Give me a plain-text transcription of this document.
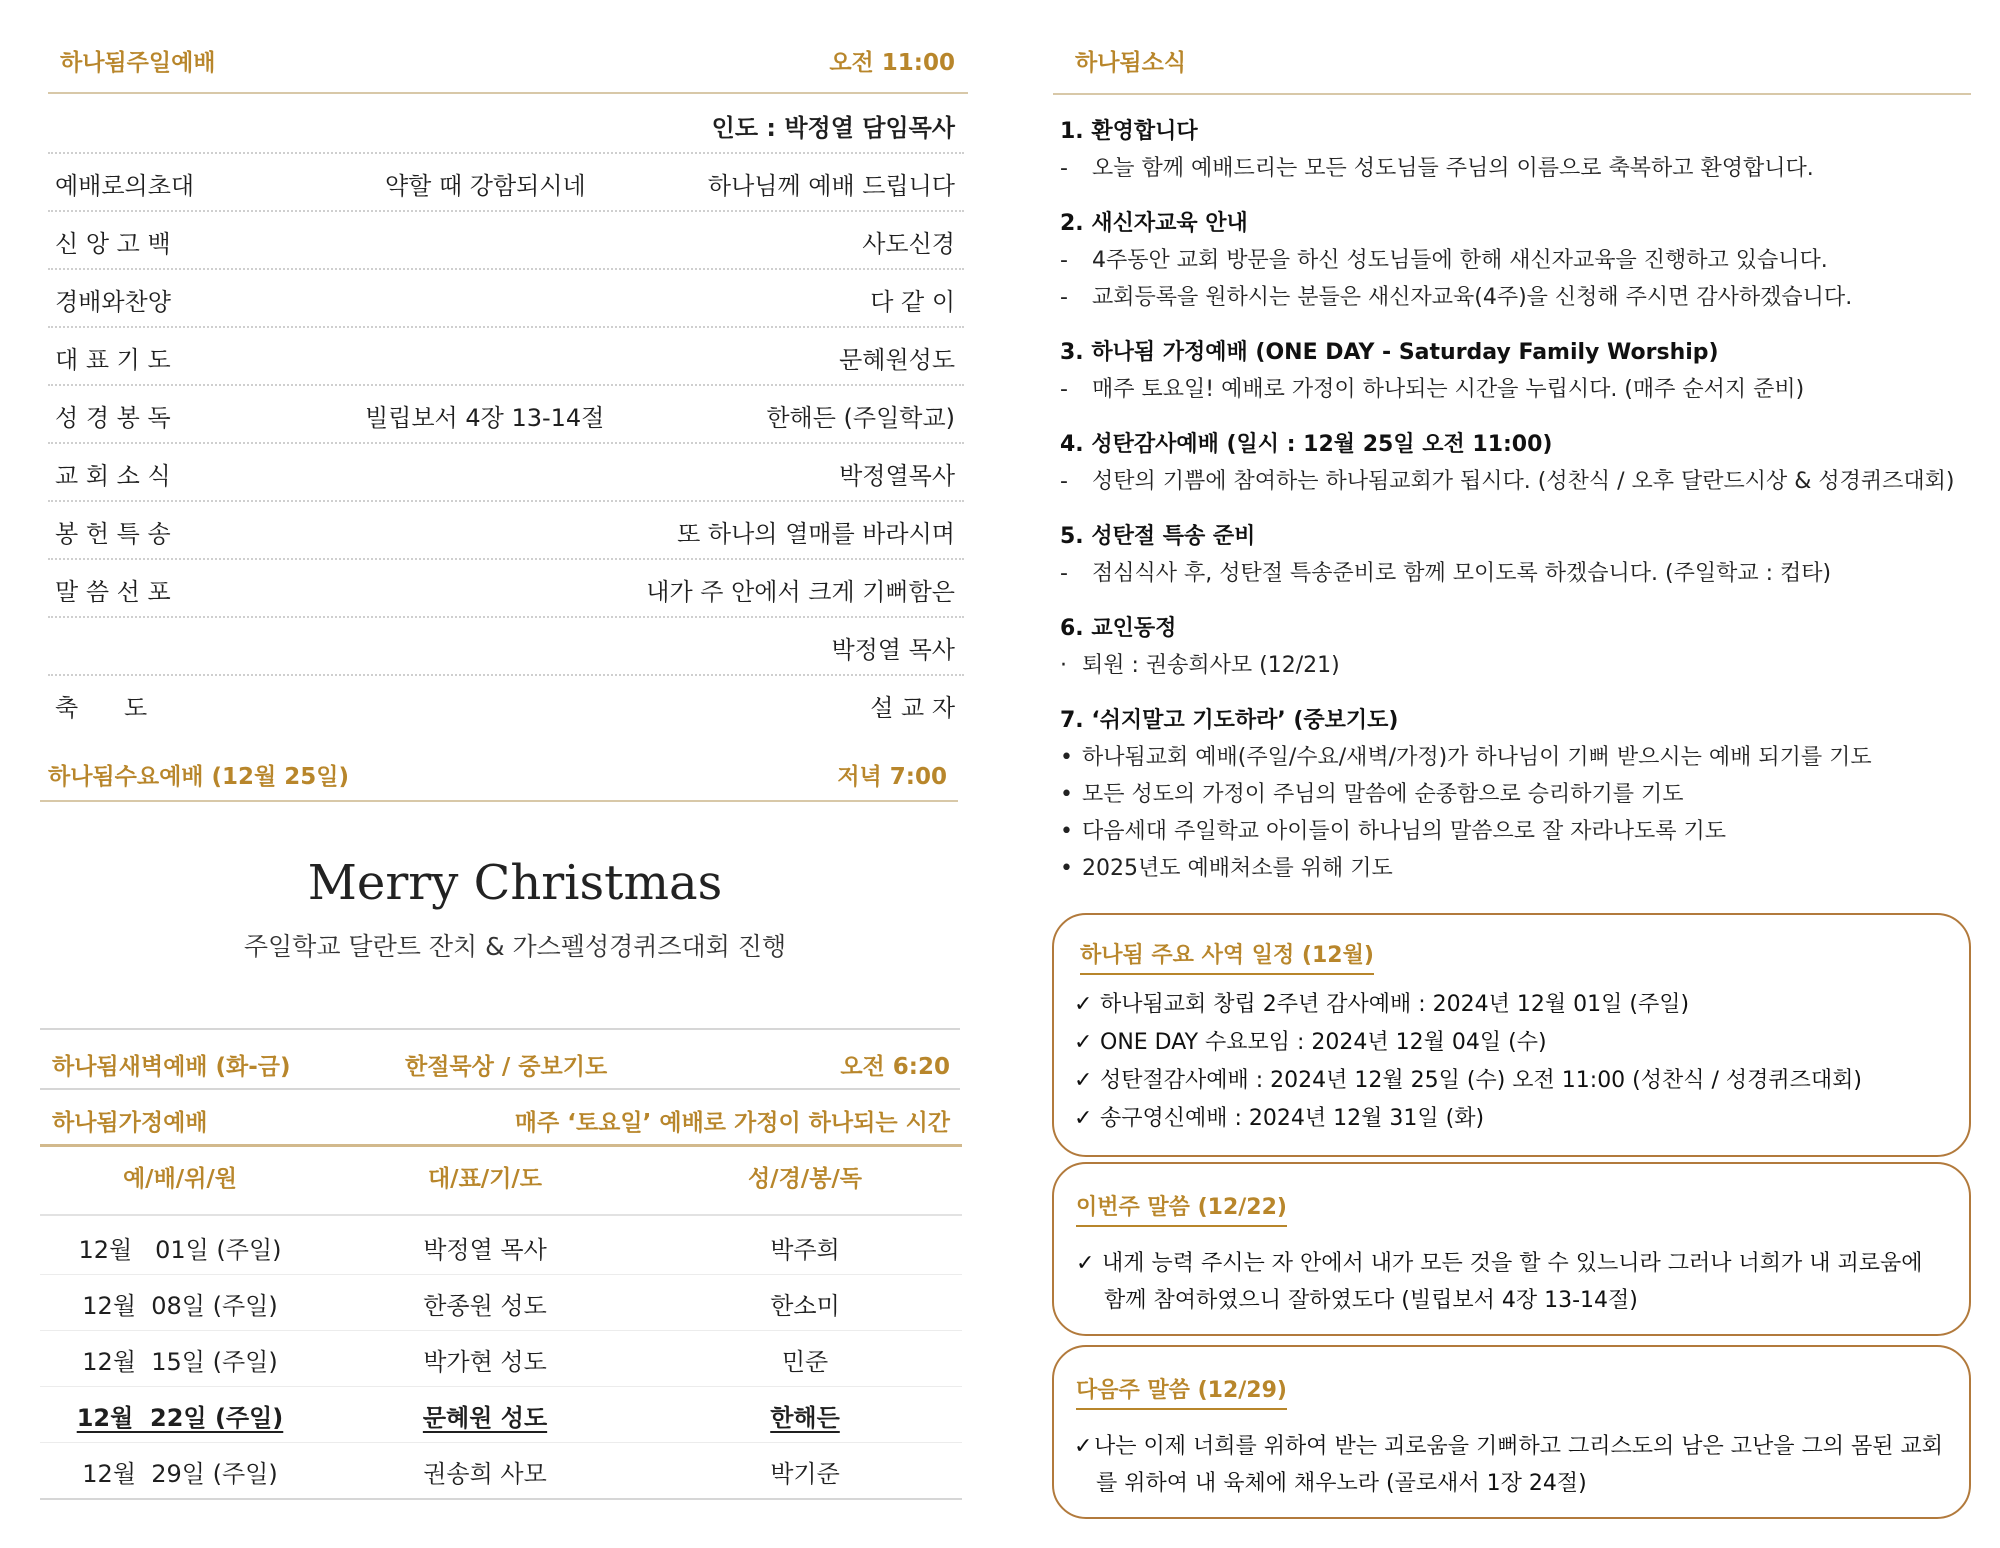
하나됨주일예배	오전 11:00
인도 : 박정열 담임목사
예배로의초대	약할 때 강함되시네	하나님께 예배 드립니다
신 앙 고 백	사도신경
경배와찬양	다 같 이
대 표 기 도	문혜원성도
성 경 봉 독	빌립보서 4장 13-14절	한해든 (주일학교)
교 회 소 식	박정열목사
봉 헌 특 송	또 하나의 열매를 바라시며
말 씀 선 포	내가 주 안에서 크게 기뻐함은
박정열 목사
축      도	설 교 자
하나됨수요예배 (12월 25일)	저녁 7:00
Merry Christmas
주일학교 달란트 잔치 & 가스펠성경퀴즈대회 진행
하나됨새벽예배 (화-금)	한절묵상 / 중보기도	오전 6:20
하나됨가정예배	매주 ‘토요일’ 예배로 가정이 하나되는 시간
예/배/위/원	대/표/기/도	성/경/봉/독
12월   01일 (주일)	박정열 목사	박주희
12월  08일 (주일)	한종원 성도	한소미
12월  15일 (주일)	박가현 성도	민준
12월  22일 (주일)	문혜원 성도	한해든
12월  29일 (주일)	권송희 사모	박기준
하나됨소식
1. 환영합니다
- 오늘 함께 예배드리는 모든 성도님들 주님의 이름으로 축복하고 환영합니다.
2. 새신자교육 안내
- 4주동안 교회 방문을 하신 성도님들에 한해 새신자교육을 진행하고 있습니다.
- 교회등록을 원하시는 분들은 새신자교육(4주)을 신청해 주시면 감사하겠습니다.
3. 하나됨 가정예배 (ONE DAY - Saturday Family Worship)
- 매주 토요일! 예배로 가정이 하나되는 시간을 누립시다. (매주 순서지 준비)
4. 성탄감사예배 (일시 : 12월 25일 오전 11:00)
- 성탄의 기쁨에 참여하는 하나됨교회가 됩시다. (성찬식 / 오후 달란드시상 & 성경퀴즈대회)
5. 성탄절 특송 준비
- 점심식사 후, 성탄절 특송준비로 함께 모이도록 하겠습니다. (주일학교 : 컵타)
6. 교인동정
· 퇴원 : 권송희사모 (12/21)
7. ‘쉬지말고 기도하라’ (중보기도)
• 하나됨교회 예배(주일/수요/새벽/가정)가 하나님이 기뻐 받으시는 예배 되기를 기도
• 모든 성도의 가정이 주님의 말씀에 순종함으로 승리하기를 기도
• 다음세대 주일학교 아이들이 하나님의 말씀으로 잘 자라나도록 기도
• 2025년도 예배처소를 위해 기도
하나됨 주요 사역 일정 (12월)
✓ 하나됨교회 창립 2주년 감사예배 : 2024년 12월 01일 (주일)
✓ ONE DAY 수요모임 : 2024년 12월 04일 (수)
✓ 성탄절감사예배 : 2024년 12월 25일 (수) 오전 11:00 (성찬식 / 성경퀴즈대회)
✓ 송구영신예배 : 2024년 12월 31일 (화)
이번주 말씀 (12/22)
✓ 내게 능력 주시는 자 안에서 내가 모든 것을 할 수 있느니라 그러나 너희가 내 괴로움에
함께 참여하였으니 잘하였도다 (빌립보서 4장 13-14절)
다음주 말씀 (12/29)
✓나는 이제 너희를 위하여 받는 괴로움을 기뻐하고 그리스도의 남은 고난을 그의 몸된 교회
를 위하여 내 육체에 채우노라 (골로새서 1장 24절)
